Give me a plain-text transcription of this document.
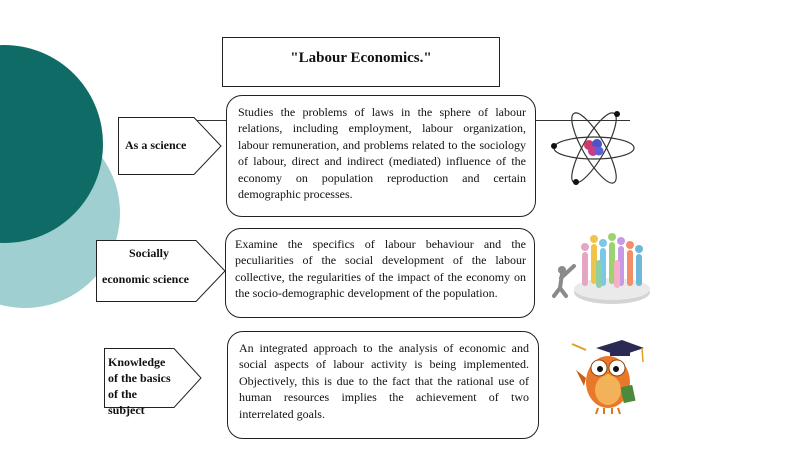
"Labour Economics."
As a science

Studies the problems of laws in the sphere of labour relations, including employment, labour organization, labour remuneration, and problems related to the sociology of labour, direct and indirect (mediated) influence of the economy on population reproduction and certain demographic processes.

Socially
economic science

Examine the specifics of labour behaviour and the peculiarities of the social development of the labour collective, the regularities of the impact of the economy on the socio-demographic development of the population.

Knowledge
of the basics
of the
subject

An integrated approach to the analysis of economic and social aspects of labour activity is being implemented. Objectively, this is due to the fact that the rational use of human resources implies the achievement of two interrelated goals.
